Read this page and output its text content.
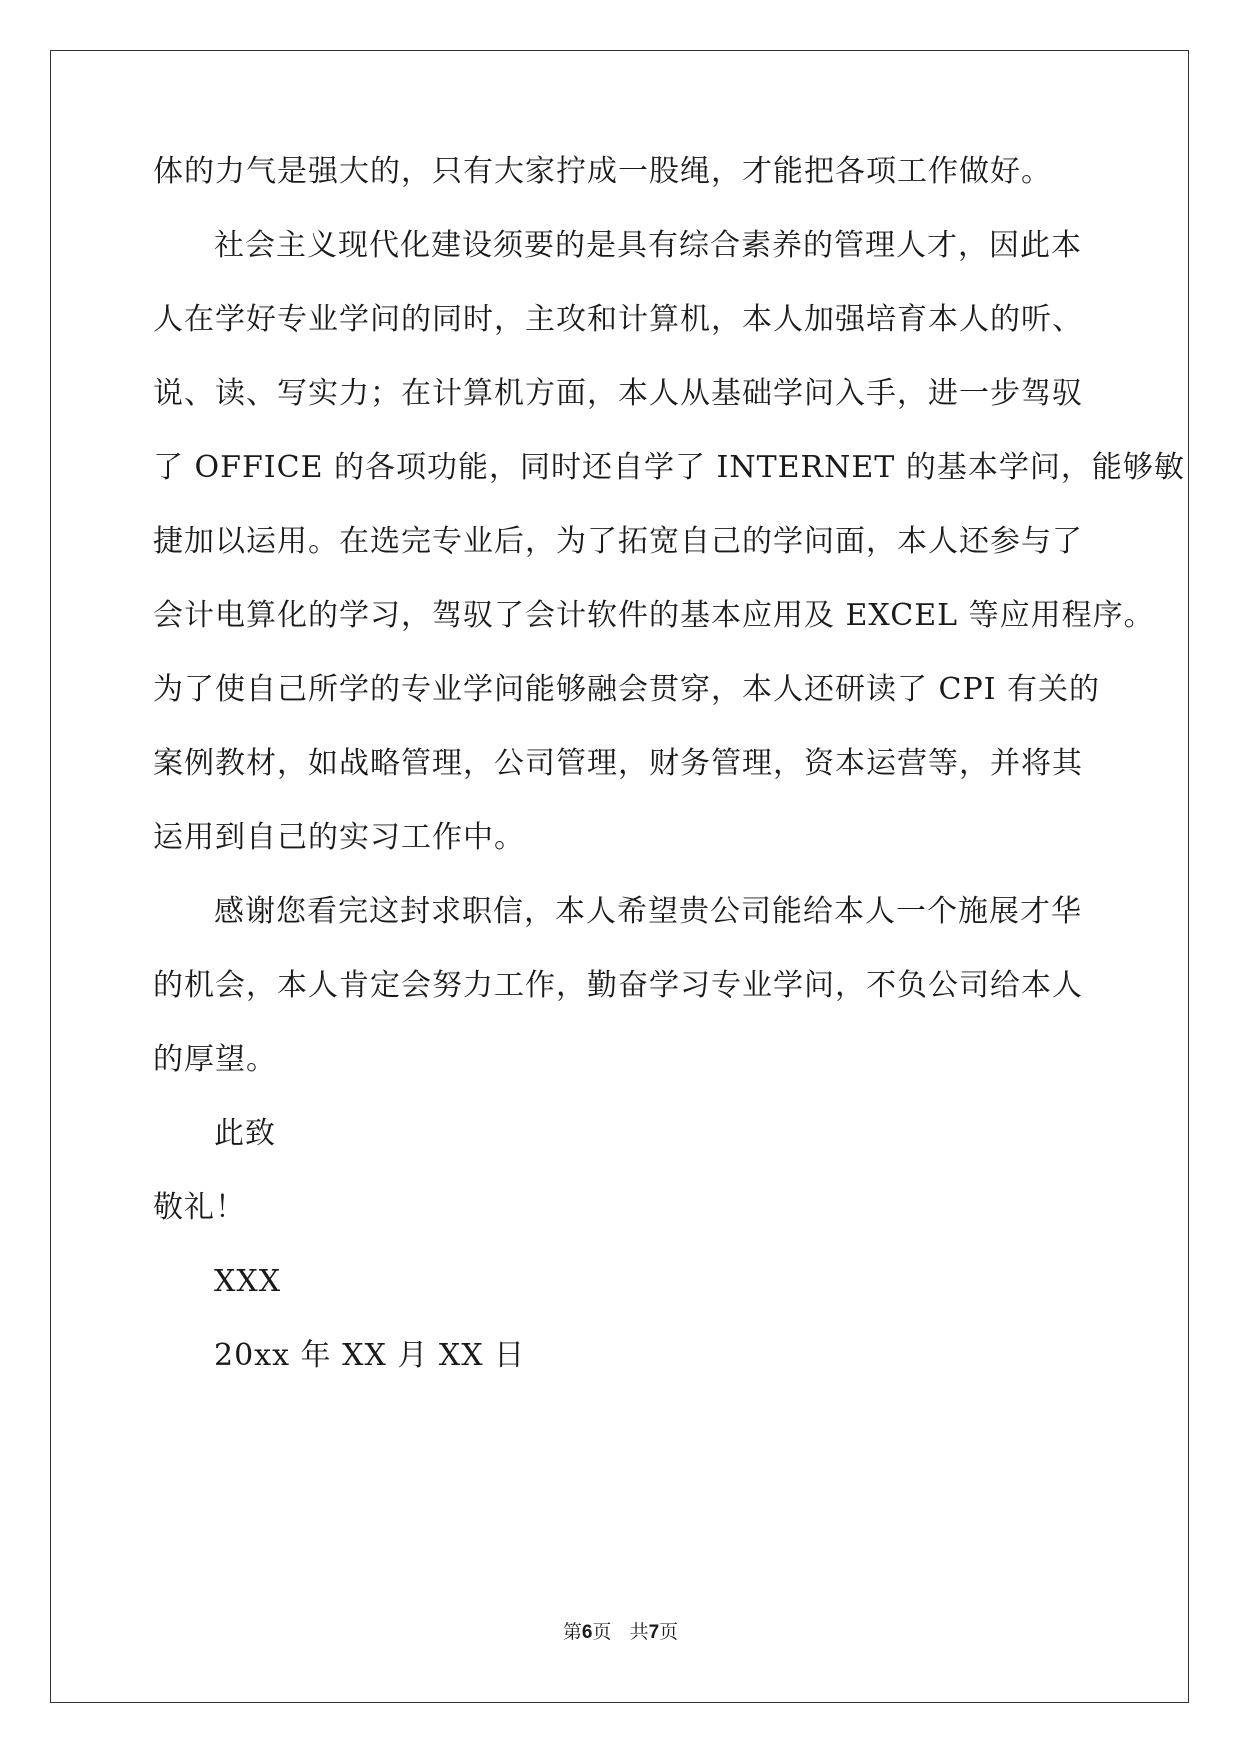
体的力气是强大的，只有大家拧成一股绳，才能把各项工作做好。
社会主义现代化建设须要的是具有综合素养的管理人才，因此本
人在学好专业学问的同时，主攻和计算机，本人加强培育本人的听、
说、读、写实力；在计算机方面，本人从基础学问入手，进一步驾驭
了 OFFICE 的各项功能，同时还自学了 INTERNET 的基本学问，能够敏
捷加以运用。在选完专业后，为了拓宽自己的学问面，本人还参与了
会计电算化的学习，驾驭了会计软件的基本应用及 EXCEL 等应用程序。
为了使自己所学的专业学问能够融会贯穿，本人还研读了 CPI 有关的
案例教材，如战略管理，公司管理，财务管理，资本运营等，并将其
运用到自己的实习工作中。
感谢您看完这封求职信，本人希望贵公司能给本人一个施展才华
的机会，本人肯定会努力工作，勤奋学习专业学问，不负公司给本人
的厚望。
此致
敬礼！
XXX
20xx 年 XX 月 XX 日
第6页 共7页
